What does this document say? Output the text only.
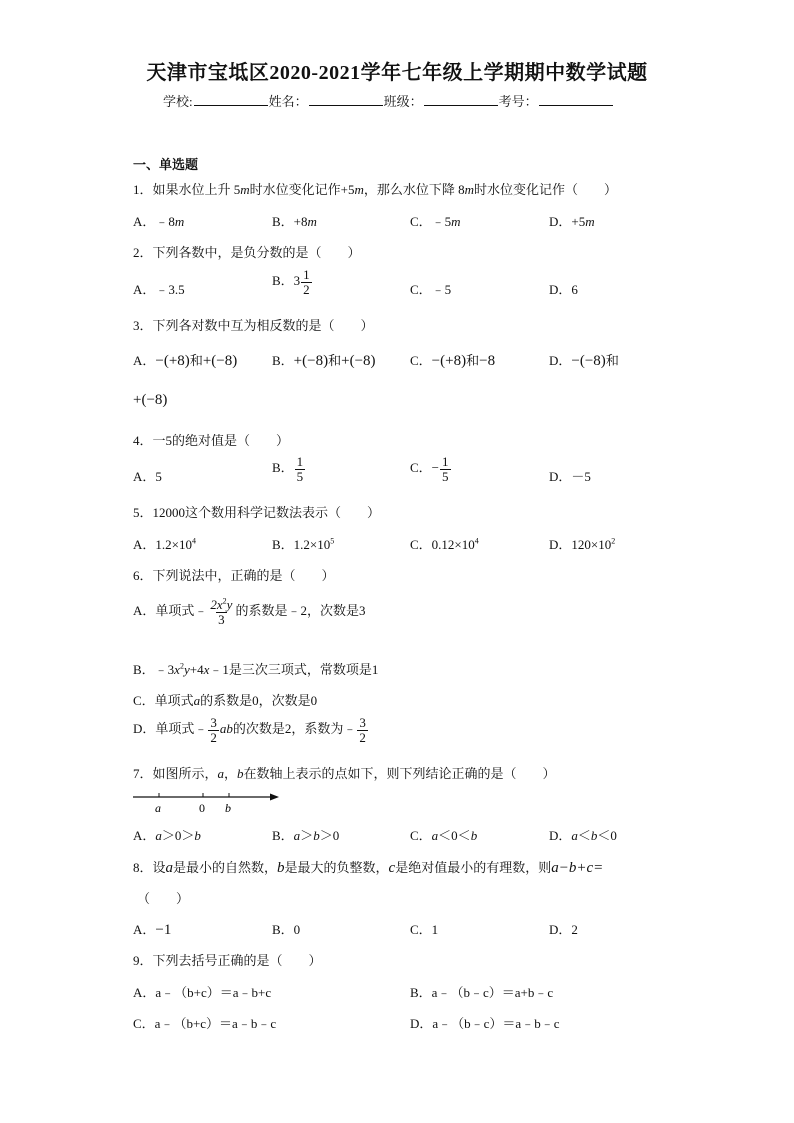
天津市宝坻区2020-2021学年七年级上学期期中数学试题
学校:	姓名：	班级：	考号：
一、单选题
1．如果水位上升 5m时水位变化记作+5m，那么水位下降 8m时水位变化记作（　　）
A．﹣8m	B．+8m	C．﹣5m	D．+5m
2．下列各数中，是负分数的是（　　）
A．﹣3.5
B．$3 \frac{1}{2}$	C．﹣5	D．6
3．下列各对数中互为相反数的是（　　）
A．−(+8)和+(−8)	B．+(−8)和+(−8)	C．−(+8)和−8	D．−(−8)和
+(−8)
4．一5的绝对值是（　　）
A．5
B． $\frac{1}{5}$	C．− $\frac{1}{5}$	D．－5
5．12000这个数用科学记数法表示（　　）
A．$1.2\times 10^4$	B．$1.2\times 10^5$	C．$0.12\times 10^4$	D．$120\times 10^2$
6．下列说法中，正确的是（　　）
A．单项式﹣ $\frac{2x^2y}{3}$ 的系数是﹣2，次数是3
B．$﹣3x^2y+4x﹣1$是三次三项式，常数项是1
C．单项式a的系数是0，次数是0
D．单项式﹣ $\frac{3}{2}$ ab的次数是2，系数为﹣ $\frac{3}{2}$
7．如图所示，a，b在数轴上表示的点如下，则下列结论正确的是（　　）
a	0 b
A．a＞0＞b	B．a＞b＞0	C．a＜0＜b	D．a＜b＜0
8．设a是最小的自然数，b是最大的负整数，c是绝对值最小的有理数，则a−b+c=
（　　）
A．−1	B．0	C．1	D．2
9．下列去括号正确的是（　　）
A．a﹣（b+c）＝a﹣b+c	B．a﹣（b﹣c）＝a+b﹣c
C．a﹣（b+c）＝a﹣b﹣c	D．a﹣（b﹣c）＝a﹣b﹣c
